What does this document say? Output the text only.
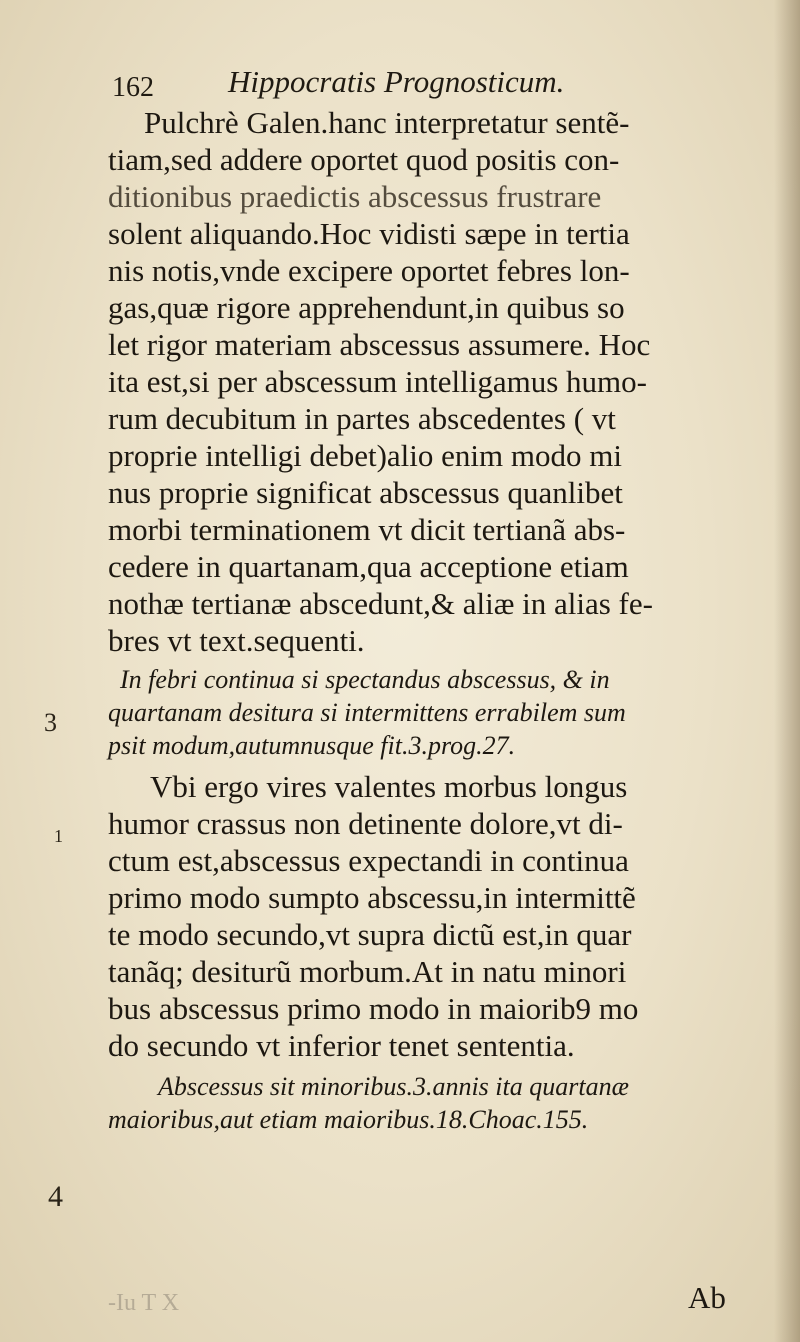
162 Hippocratis Prognosticum.
Pulchrè Galen.hanc interpretatur sentẽ-
tiam,sed addere oportet quod positis con-
ditionibus praedictis abscessus frustrare
solent aliquando.Hoc vidisti sæpe in tertia
nis notis,vnde excipere oportet febres lon-
gas,quæ rigore apprehendunt,in quibus so
let rigor materiam abscessus assumere. Hoc
ita est,si per abscessum intelligamus humo-
rum decubitum in partes abscedentes ( vt
proprie intelligi debet)alio enim modo mi
nus proprie significat abscessus quanlibet
morbi terminationem vt dicit tertianã abs-
cedere in quartanam,qua acceptione etiam
nothæ tertianæ abscedunt,& aliæ in alias fe-
bres vt text.sequenti.
In febri continua si spectandus abscessus, & in
quartanam desitura si intermittens errabilem sum
psit modum,autumnusque fit.3.prog.27.
Vbi ergo vires valentes morbus longus
humor crassus non detinente dolore,vt di-
ctum est,abscessus expectandi in continua
primo modo sumpto abscessu,in intermittẽ
te modo secundo,vt supra dictũ est,in quar
tanãq; desiturũ morbum.At in natu minori
bus abscessus primo modo in maiorib9 mo
do secundo vt inferior tenet sententia.
Abscessus sit minoribus.3.annis ita quartanæ
maioribus,aut etiam maioribus.18.Choac.155.
3
1
4
-Iu T X	Ab
